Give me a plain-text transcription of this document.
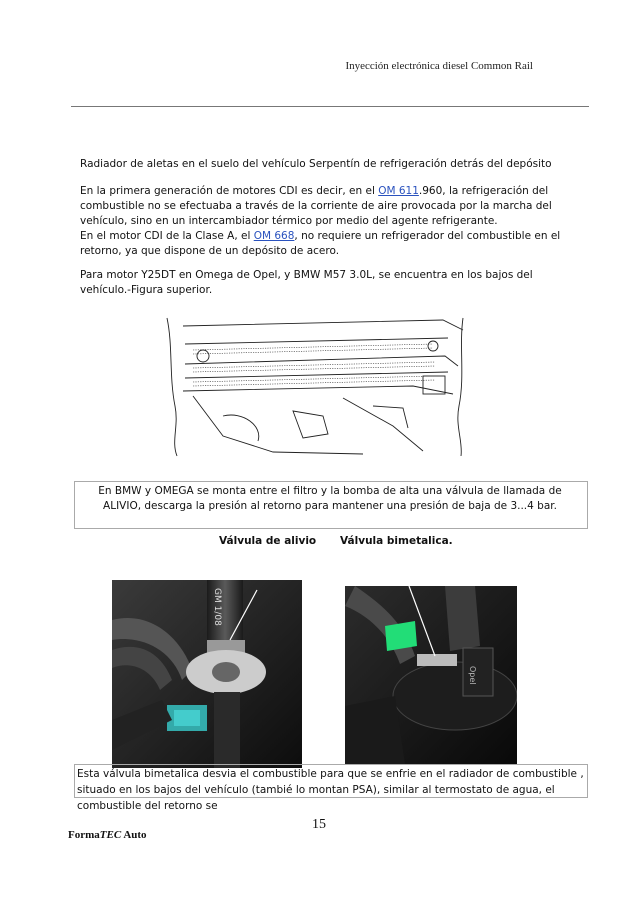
Inyección electrónica diesel Common Rail

Radiador de aletas en el suelo del vehículo Serpentín de refrigeración detrás del depósito

En la primera generación de motores CDI es decir, en el OM 611.960, la refrigeración del combustible no se efectuaba a través de la corriente de aire provocada por la marcha del vehículo, sino en un intercambiador térmico por medio del agente refrigerante.

En el motor CDI de la Clase A, el OM 668, no requiere un refrigerador del combustible en el retorno, ya que dispone de un depósito de acero.

Para motor Y25DT en Omega de Opel, y BMW M57 3.0L, se encuentra en los bajos del vehículo.-Figura superior.

En BMW y OMEGA se monta entre el filtro y la bomba de alta una válvula de llamada de ALIVIO, descarga la presión al retorno para mantener una presión de baja de 3...4 bar.

Válvula de alivio Válvula bimetalica.
GM 1/08
Opel

Esta válvula bimetalica desvia el combustible para que se enfrie en el radiador de combustible , situado en los bajos del vehículo (tambié lo montan PSA), similar al termostato de agua, el combustible del retorno se

15
FormaTEC Auto
